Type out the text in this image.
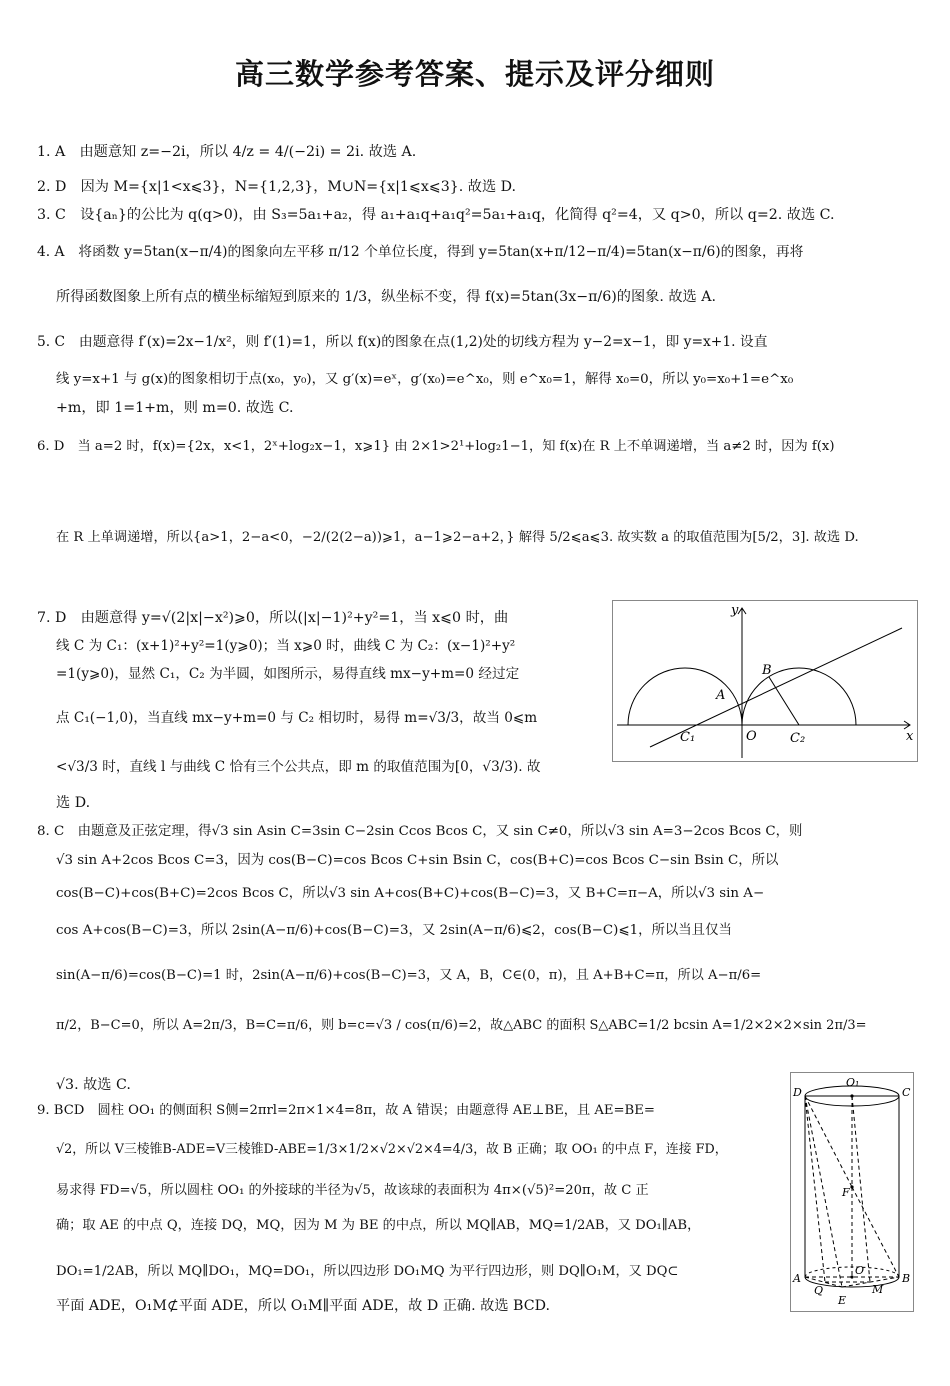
高三数学参考答案、提示及评分细则
1. A　由题意知 z=−2i，所以 4/z = 4/(−2i) = 2i. 故选 A.
2. D　因为 M={x|1<x⩽3}，N={1,2,3}，M∪N={x|1⩽x⩽3}. 故选 D.
3. C　设{aₙ}的公比为 q(q>0)，由 S₃=5a₁+a₂，得 a₁+a₁q+a₁q²=5a₁+a₁q，化简得 q²=4，又 q>0，所以 q=2. 故选 C.
4. A　将函数 y=5tan(x−π/4)的图象向左平移 π/12 个单位长度，得到 y=5tan(x+π/12−π/4)=5tan(x−π/6)的图象，再将
所得函数图象上所有点的横坐标缩短到原来的 1/3，纵坐标不变，得 f(x)=5tan(3x−π/6)的图象. 故选 A.
5. C　由题意得 f′(x)=2x−1/x²，则 f′(1)=1，所以 f(x)的图象在点(1,2)处的切线方程为 y−2=x−1，即 y=x+1. 设直
线 y=x+1 与 g(x)的图象相切于点(x₀，y₀)，又 g′(x)=eˣ，g′(x₀)=e^x₀，则 e^x₀=1，解得 x₀=0，所以 y₀=x₀+1=e^x₀
+m，即 1=1+m，则 m=0. 故选 C.
6. D　当 a=2 时，f(x)={2x，x<1，2ˣ+log₂x−1，x⩾1} 由 2×1>2¹+log₂1−1，知 f(x)在 R 上不单调递增，当 a≠2 时，因为 f(x)
在 R 上单调递增，所以{a>1，2−a<0，−2/(2(2−a))⩾1，a−1⩾2−a+2，} 解得 5/2⩽a⩽3. 故实数 a 的取值范围为[5/2，3]. 故选 D.
7. D　由题意得 y=√(2|x|−x²)⩾0，所以(|x|−1)²+y²=1，当 x⩽0 时，曲
线 C 为 C₁：(x+1)²+y²=1(y⩾0)；当 x⩾0 时，曲线 C 为 C₂：(x−1)²+y²
=1(y⩾0)，显然 C₁，C₂ 为半圆，如图所示，易得直线 mx−y+m=0 经过定
点 C₁(−1,0)，当直线 mx−y+m=0 与 C₂ 相切时，易得 m=√3/3，故当 0⩽m
<√3/3 时，直线 l 与曲线 C 恰有三个公共点，即 m 的取值范围为[0，√3/3). 故
选 D.
8. C　由题意及正弦定理，得√3 sin Asin C=3sin C−2sin Ccos Bcos C，又 sin C≠0，所以√3 sin A=3−2cos Bcos C，则
√3 sin A+2cos Bcos C=3，因为 cos(B−C)=cos Bcos C+sin Bsin C，cos(B+C)=cos Bcos C−sin Bsin C，所以
cos(B−C)+cos(B+C)=2cos Bcos C，所以√3 sin A+cos(B+C)+cos(B−C)=3，又 B+C=π−A，所以√3 sin A−
cos A+cos(B−C)=3，所以 2sin(A−π/6)+cos(B−C)=3，又 2sin(A−π/6)⩽2，cos(B−C)⩽1，所以当且仅当
sin(A−π/6)=cos(B−C)=1 时，2sin(A−π/6)+cos(B−C)=3，又 A，B，C∈(0，π)，且 A+B+C=π，所以 A−π/6=
π/2，B−C=0，所以 A=2π/3，B=C=π/6，则 b=c=√3 / cos(π/6)=2，故△ABC 的面积 S△ABC=1/2 bcsin A=1/2×2×2×sin 2π/3=
√3. 故选 C.
9. BCD　圆柱 OO₁ 的侧面积 S侧=2πrl=2π×1×4=8π，故 A 错误；由题意得 AE⊥BE，且 AE=BE=
√2，所以 V三棱锥B-ADE=V三棱锥D-ABE=1/3×1/2×√2×√2×4=4/3，故 B 正确；取 OO₁ 的中点 F，连接 FD，
易求得 FD=√5，所以圆柱 OO₁ 的外接球的半径为√5，故该球的表面积为 4π×(√5)²=20π，故 C 正
确；取 AE 的中点 Q，连接 DQ，MQ，因为 M 为 BE 的中点，所以 MQ∥AB，MQ=1/2AB，又 DO₁∥AB，
DO₁=1/2AB，所以 MQ∥DO₁，MQ=DO₁，所以四边形 DO₁MQ 为平行四边形，则 DQ∥O₁M，又 DQ⊂
平面 ADE，O₁M⊄平面 ADE，所以 O₁M∥平面 ADE，故 D 正确. 故选 BCD.
x
y
O
A
B
C₁	C₂
D	C
O₁
F
O
A	B
Q	M
E
